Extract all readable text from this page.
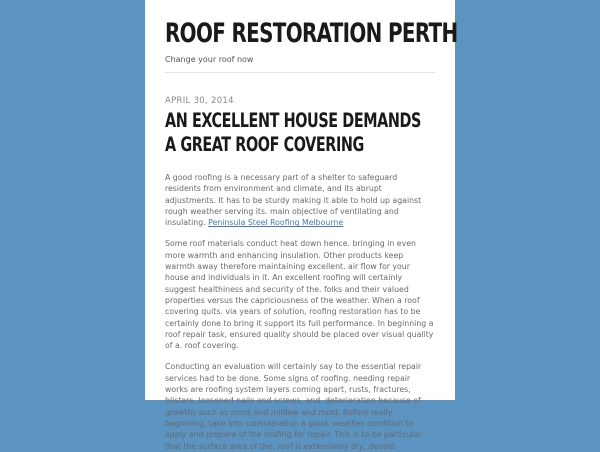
ROOF RESTORATION PERTH
Change your roof now
APRIL 30, 2014
AN EXCELLENT HOUSE DEMANDS A GREAT ROOF COVERING

A good roofing is a necessary part of a shelter to safeguard residents from environment and climate, and its abrupt adjustments. It has to be sturdy making it able to hold up against rough weather serving its. main objective of ventilating and insulating. Peninsula Steel Roofing Melbourne

Some roof materials conduct heat down hence. bringing in even more warmth and enhancing insulation. Other products keep warmth away therefore maintaining excellent. air flow for your house and individuals in it. An excellent roofing will certainly suggest healthiness and security of the. folks and their valued properties versus the capriciousness of the weather. When a roof covering quits. via years of solution, roofing restoration has to be certainly done to bring it support its full performance. In beginning a roof repair task, ensured quality should be placed over visual quality of a. roof covering.

Conducting an evaluation will certainly say to the essential repair services had to be done. Some signs of roofing. needing repair works are roofing system layers coming apart, rusts, fractures, blisters, loosened nails and screws, and. deterioration because of growths such as moss and mildew and mold. Before really beginning, take into consideration a good. weather condition to apply and prepare of the roofing for repair. This is to be particular that the surface area of the. roof is extensively dry, devoid
